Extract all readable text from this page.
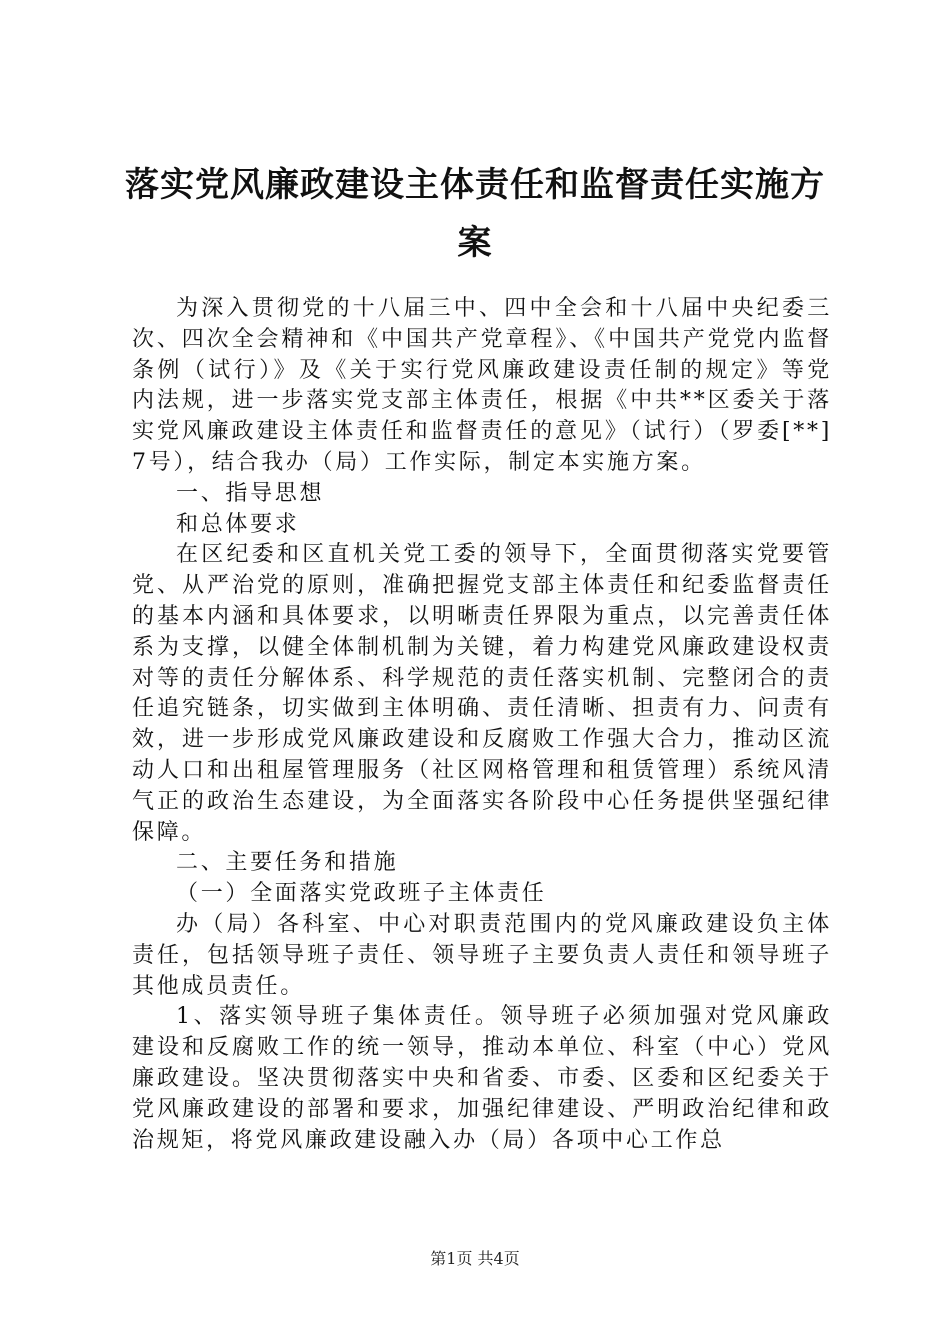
落实党风廉政建设主体责任和监督责任实施方案

为深入贯彻党的十八届三中、四中全会和十八届中央纪委三次、四次全会精神和《中国共产党章程》、《中国共产党党内监督条例（试行）》及《关于实行党风廉政建设责任制的规定》等党内法规，进一步落实党支部主体责任，根据《中共**区委关于落实党风廉政建设主体责任和监督责任的意见》（试行）（罗委[**]7号），结合我办（局）工作实际，制定本实施方案。

一、指导思想

和总体要求

在区纪委和区直机关党工委的领导下，全面贯彻落实党要管党、从严治党的原则，准确把握党支部主体责任和纪委监督责任的基本内涵和具体要求，以明晰责任界限为重点，以完善责任体系为支撑，以健全体制机制为关键，着力构建党风廉政建设权责对等的责任分解体系、科学规范的责任落实机制、完整闭合的责任追究链条，切实做到主体明确、责任清晰、担责有力、问责有效，进一步形成党风廉政建设和反腐败工作强大合力，推动区流动人口和出租屋管理服务（社区网格管理和租赁管理）系统风清气正的政治生态建设，为全面落实各阶段中心任务提供坚强纪律保障。

二、主要任务和措施

（一）全面落实党政班子主体责任

办（局）各科室、中心对职责范围内的党风廉政建设负主体责任，包括领导班子责任、领导班子主要负责人责任和领导班子其他成员责任。

1、落实领导班子集体责任。领导班子必须加强对党风廉政建设和反腐败工作的统一领导，推动本单位、科室（中心）党风廉政建设。坚决贯彻落实中央和省委、市委、区委和区纪委关于党风廉政建设的部署和要求，加强纪律建设、严明政治纪律和政治规矩，将党风廉政建设融入办（局）各项中心工作总

第1页 共4页
